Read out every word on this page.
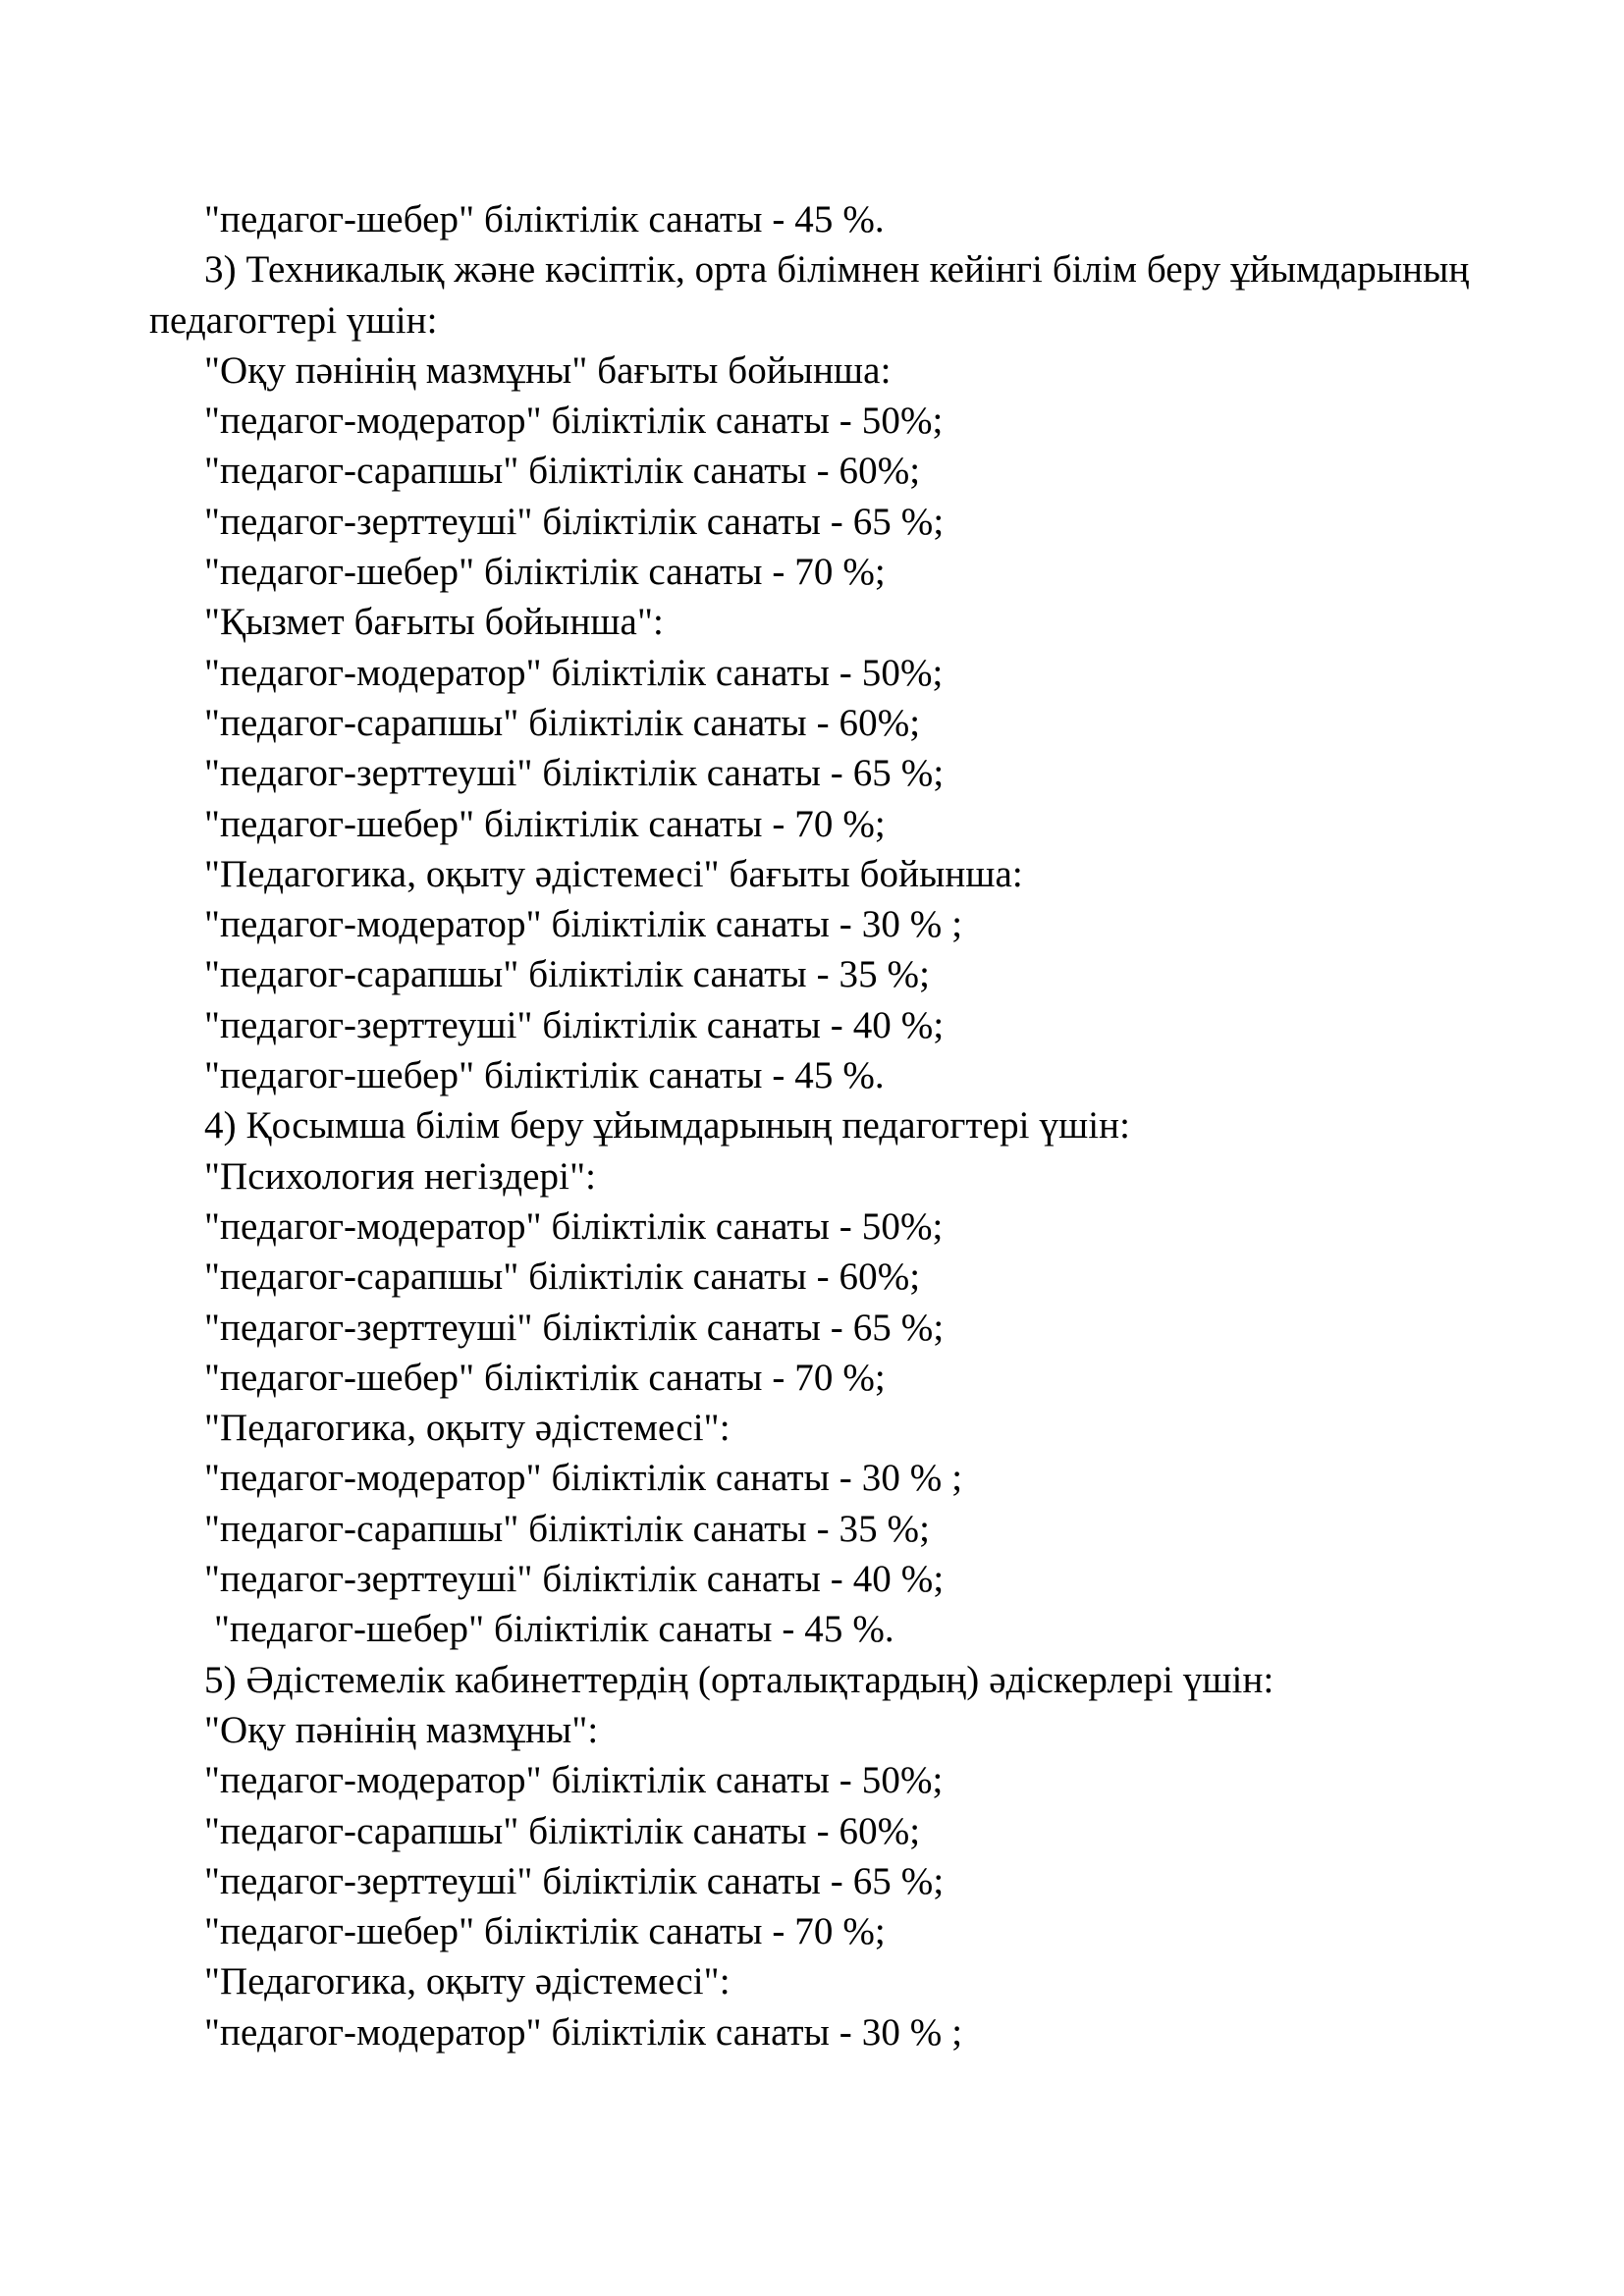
"педагог-шебер" біліктілік санаты - 45 %.
3) Техникалық және кәсіптік, орта білімнен кейінгі білім беру ұйымдарының
педагогтері үшін:
"Оқу пәнінің мазмұны" бағыты бойынша:
"педагог-модератор" біліктілік санаты - 50%;
"педагог-сарапшы" біліктілік санаты - 60%;
"педагог-зерттеуші" біліктілік санаты - 65 %;
"педагог-шебер" біліктілік санаты - 70 %;
"Қызмет бағыты бойынша":
"педагог-модератор" біліктілік санаты - 50%;
"педагог-сарапшы" біліктілік санаты - 60%;
"педагог-зерттеуші" біліктілік санаты - 65 %;
"педагог-шебер" біліктілік санаты - 70 %;
"Педагогика, оқыту әдістемесі" бағыты бойынша:
"педагог-модератор" біліктілік санаты - 30 % ;
"педагог-сарапшы" біліктілік санаты - 35 %;
"педагог-зерттеуші" біліктілік санаты - 40 %;
"педагог-шебер" біліктілік санаты - 45 %.
4) Қосымша білім беру ұйымдарының педагогтері үшін:
"Психология негіздері":
"педагог-модератор" біліктілік санаты - 50%;
"педагог-сарапшы" біліктілік санаты - 60%;
"педагог-зерттеуші" біліктілік санаты - 65 %;
"педагог-шебер" біліктілік санаты - 70 %;
"Педагогика, оқыту әдістемесі":
"педагог-модератор" біліктілік санаты - 30 % ;
"педагог-сарапшы" біліктілік санаты - 35 %;
"педагог-зерттеуші" біліктілік санаты - 40 %;
"педагог-шебер" біліктілік санаты - 45 %.
5) Әдістемелік кабинеттердің (орталықтардың) әдіскерлері үшін:
"Оқу пәнінің мазмұны":
"педагог-модератор" біліктілік санаты - 50%;
"педагог-сарапшы" біліктілік санаты - 60%;
"педагог-зерттеуші" біліктілік санаты - 65 %;
"педагог-шебер" біліктілік санаты - 70 %;
"Педагогика, оқыту әдістемесі":
"педагог-модератор" біліктілік санаты - 30 % ;
